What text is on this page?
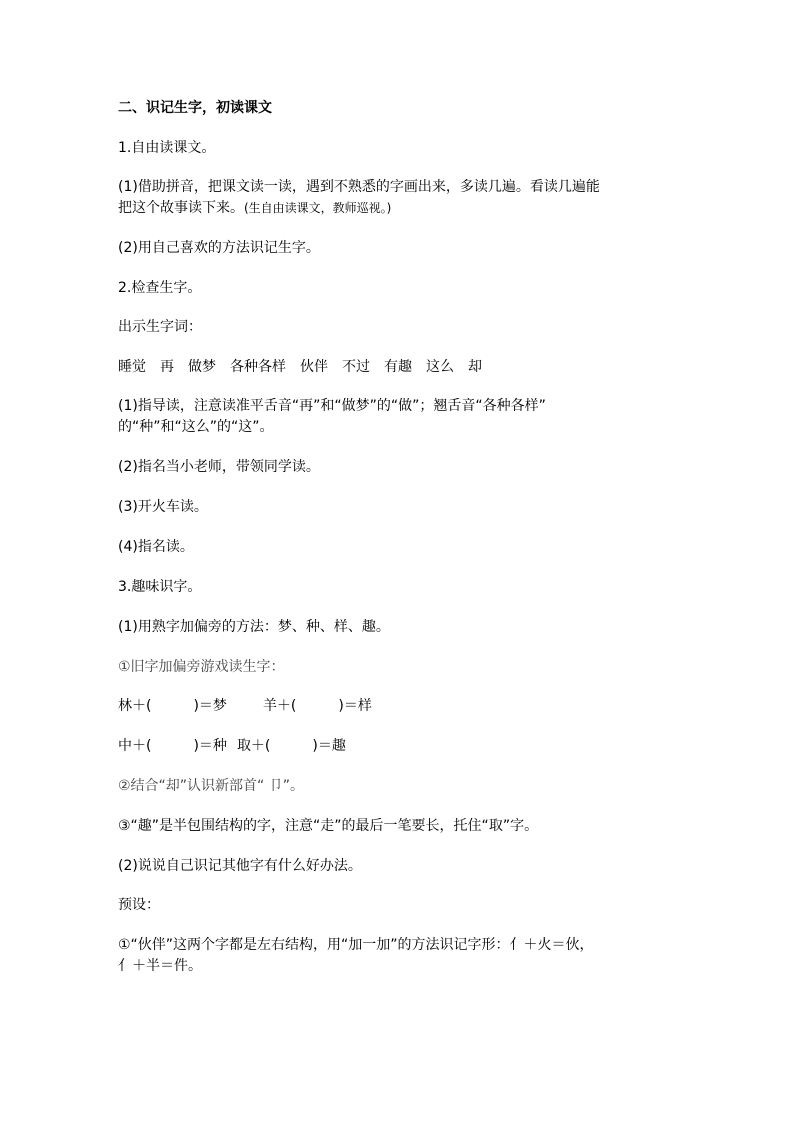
二、识记生字，初读课文

1.自由读课文。

(1)借助拼音，把课文读一读，遇到不熟悉的字画出来，多读几遍。看读几遍能

把这个故事读下来。(生自由读课文，教师巡视。)

(2)用自己喜欢的方法识记生字。

2.检查生字。

出示生字词：

睡觉 再 做梦 各种各样 伙伴 不过 有趣 这么 却

(1)指导读，注意读准平舌音“再”和“做梦”的“做”；翘舌音“各种各样”

的“种”和“这么”的“这”。

(2)指名当小老师，带领同学读。

(3)开火车读。

(4)指名读。

3.趣味识字。

(1)用熟字加偏旁的方法：梦、种、样、趣。

①旧字加偏旁游戏读生字：

林＋(　　　)＝梦	羊＋(　　　)＝样

中＋(　　　)＝种 取＋(　　　)＝趣

②结合“却”认识新部首“ 卩”。

③“趣”是半包围结构的字，注意“走”的最后一笔要长，托住“取”字。

(2)说说自己识记其他字有什么好办法。

预设：

①“伙伴”这两个字都是左右结构，用“加一加”的方法识记字形：亻＋火＝伙，

亻＋半＝件。
